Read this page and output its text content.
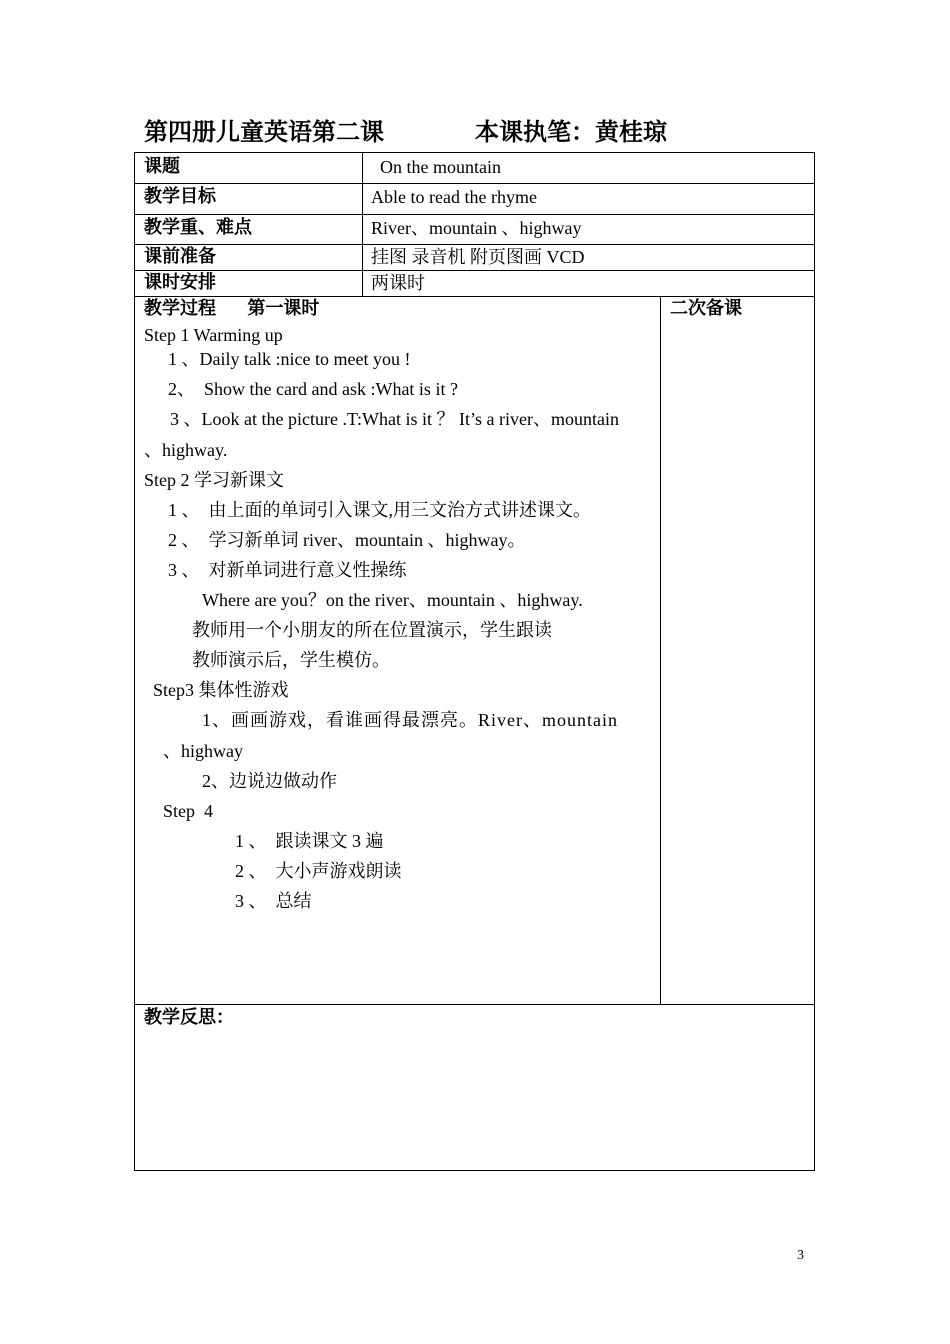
第四册儿童英语第二课	本课执笔：黄桂琼
课题	On the mountain
教学目标	Able to read the rhyme
教学重、难点	River、mountain 、highway
课前准备	挂图 录音机 附页图画 VCD
课时安排	两课时
教学过程     第一课时	二次备课
Step 1 Warming up
1 、Daily talk :nice to meet you !
2、  Show the card and ask :What is it ?
3 、Look at the picture .T:What is it ？ It’s a river、mountain
、highway.
Step 2 学习新课文
1 、  由上面的单词引入课文,用三文治方式讲述课文。
2 、  学习新单词 river、mountain 、highway。
3 、  对新单词进行意义性操练
Where are you？on the river、mountain 、highway.
教师用一个小朋友的所在位置演示，学生跟读
教师演示后，学生模仿。
Step3 集体性游戏
1、画画游戏，看谁画得最漂亮。River、mountain
、highway
2、边说边做动作
Step  4
1 、  跟读课文 3 遍
2 、  大小声游戏朗读
3 、  总结
教学反思：
3
